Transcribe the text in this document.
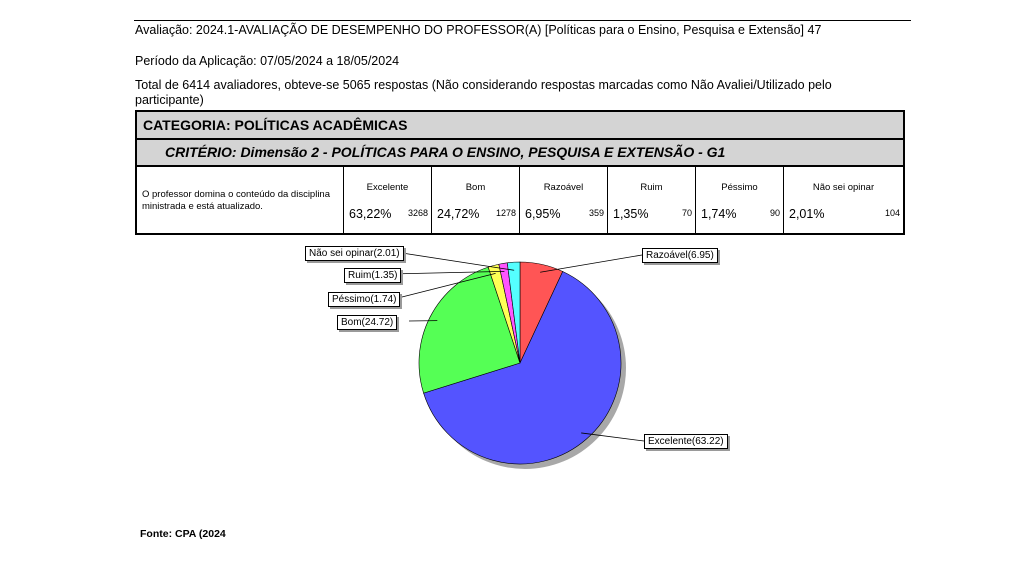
Avaliação: 2024.1-AVALIAÇÃO DE DESEMPENHO DO PROFESSOR(A) [Políticas para o Ensino, Pesquisa e Extensão] 47
Período da Aplicação: 07/05/2024 a 18/05/2024
Total de 6414 avaliadores, obteve-se 5065 respostas (Não considerando respostas marcadas como Não Avaliei/Utilizado pelo participante)
CATEGORIA: POLÍTICAS ACADÊMICAS
CRITÉRIO: Dimensão 2 - POLÍTICAS PARA O ENSINO, PESQUISA E EXTENSÃO - G1
O professor domina o conteúdo da disciplina ministrada e está atualizado.
Excelente
63,22% 3268
Bom
24,72% 1278
Razoável
6,95%	359
Ruim
1,35%	70
Péssimo
1,74%	90
Não sei opinar
2,01%	104
Excelente(63.22)
Bom(24.72)
Péssimo(1.74)
Ruim(1.35)
Não sei opinar(2.01)	Razoável(6.95)
Fonte: CPA (2024
